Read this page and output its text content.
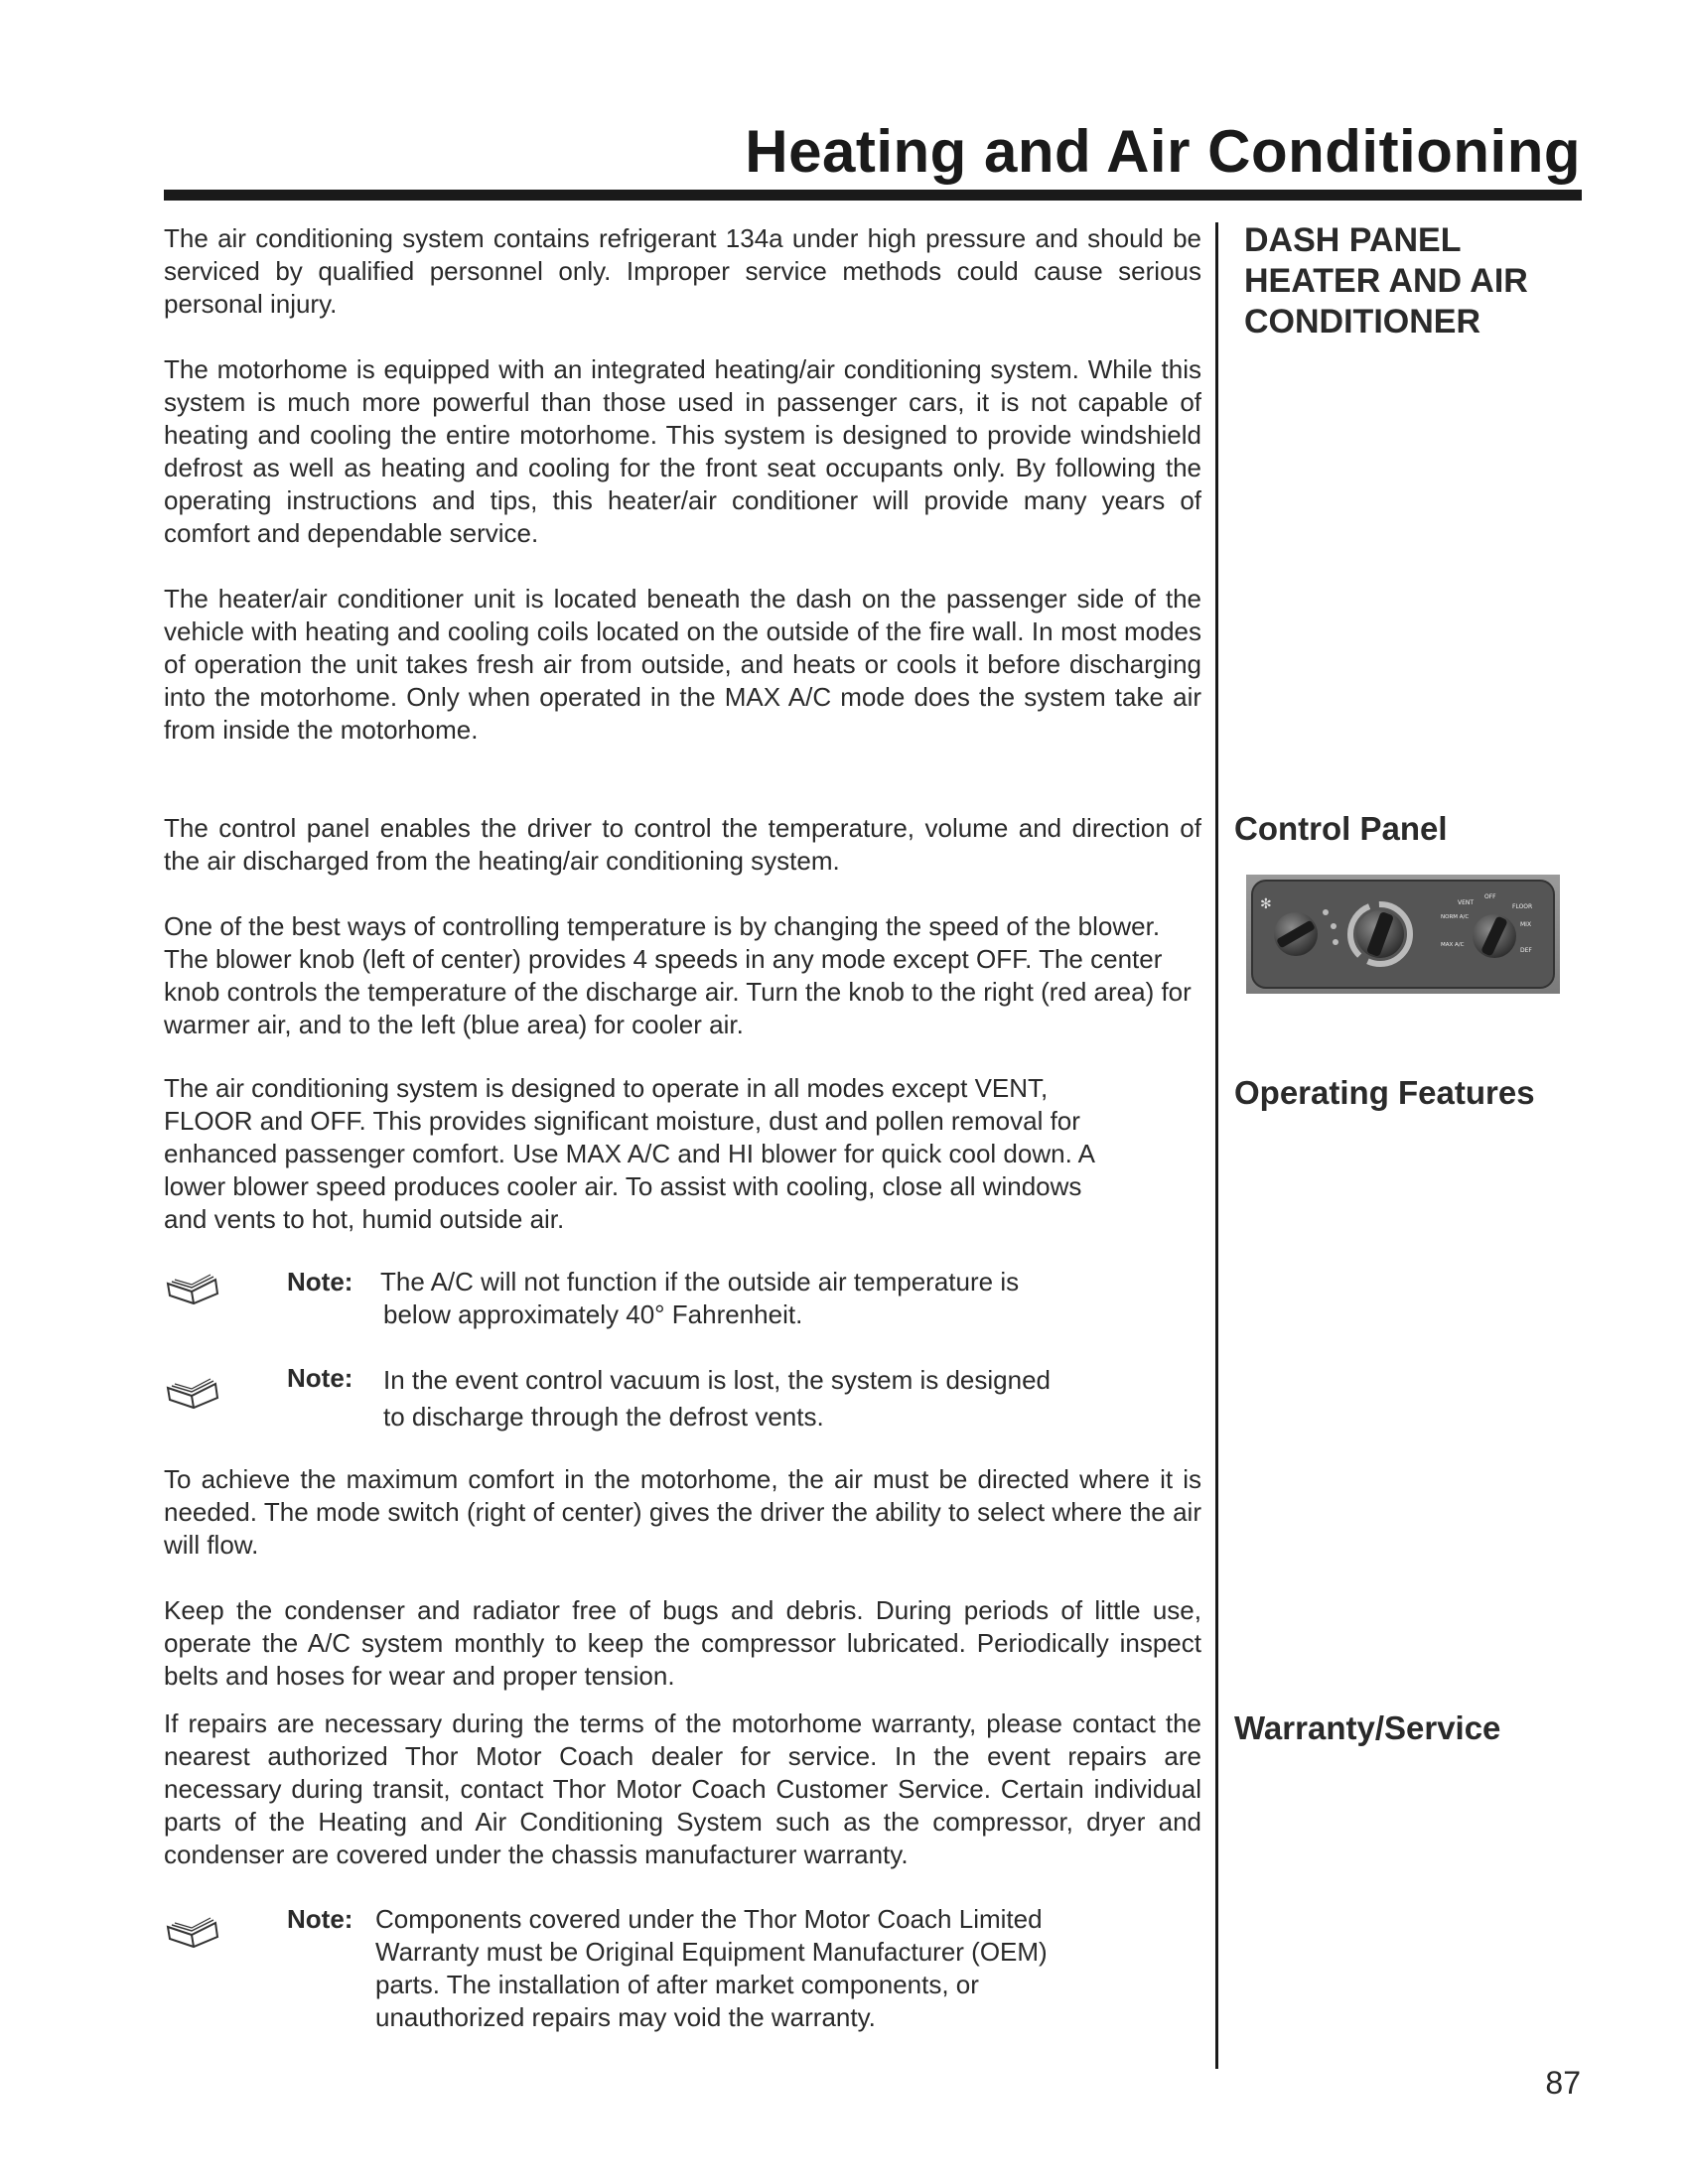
Heating and Air Conditioning
DASH PANEL
HEATER AND AIR
CONDITIONER

The air conditioning system contains refrigerant 134a under high pressure and should be serviced by qualified personnel only. Improper service methods could cause serious personal injury.

The motorhome is equipped with an integrated heating/air conditioning system. While this system is much more powerful than those used in passenger cars, it is not capable of heating and cooling the entire motorhome. This system is designed to provide windshield defrost as well as heating and cooling for the front seat occupants only. By following the operating instructions and tips, this heater/air conditioner will provide many years of comfort and dependable service.

The heater/air conditioner unit is located beneath the dash on the passenger side of the vehicle with heating and cooling coils located on the outside of the fire wall. In most modes of operation the unit takes fresh air from outside, and heats or cools it before discharging into the motorhome. Only when operated in the MAX A/C mode does the system take air from inside the motorhome.

Control Panel
✻	VENT
OFF
FLOOR
NORM A/C
MIX
MAX A/C
DEF

The control panel enables the driver to control the temperature, volume and direction of the air discharged from the heating/air conditioning system.

One of the best ways of controlling temperature is by changing the speed of the blower. The blower knob (left of center) provides 4 speeds in any mode except OFF. The center knob controls the temperature of the discharge air. Turn the knob to the right (red area) for warmer air, and to the left (blue area) for cooler air.

Operating Features
The air conditioning system is designed to operate in all modes except VENT,
FLOOR and OFF. This provides significant moisture, dust and pollen removal for
enhanced passenger comfort. Use MAX A/C and HI blower for quick cool down. A
lower blower speed produces cooler air. To assist with cooling, close all windows
and vents to hot, humid outside air.
Note: The A/C will not function if the outside air temperature is
below approximately 40° Fahrenheit.
Note: In the event control vacuum is lost, the system is designed
to discharge through the defrost vents.

To achieve the maximum comfort in the motorhome, the air must be directed where it is needed. The mode switch (right of center) gives the driver the ability to select where the air will flow.

Keep the condenser and radiator free of bugs and debris. During periods of little use, operate the A/C system monthly to keep the compressor lubricated. Periodically inspect belts and hoses for wear and proper tension.

Warranty/Service

If repairs are necessary during the terms of the motorhome warranty, please contact the nearest authorized Thor Motor Coach dealer for service. In the event repairs are necessary during transit, contact Thor Motor Coach Customer Service. Certain individual parts of the Heating and Air Conditioning System such as the compressor, dryer and condenser are covered under the chassis manufacturer warranty.

Note: Components covered under the Thor Motor Coach Limited
Warranty must be Original Equipment Manufacturer (OEM)
parts. The installation of after market components, or
unauthorized repairs may void the warranty.
87
